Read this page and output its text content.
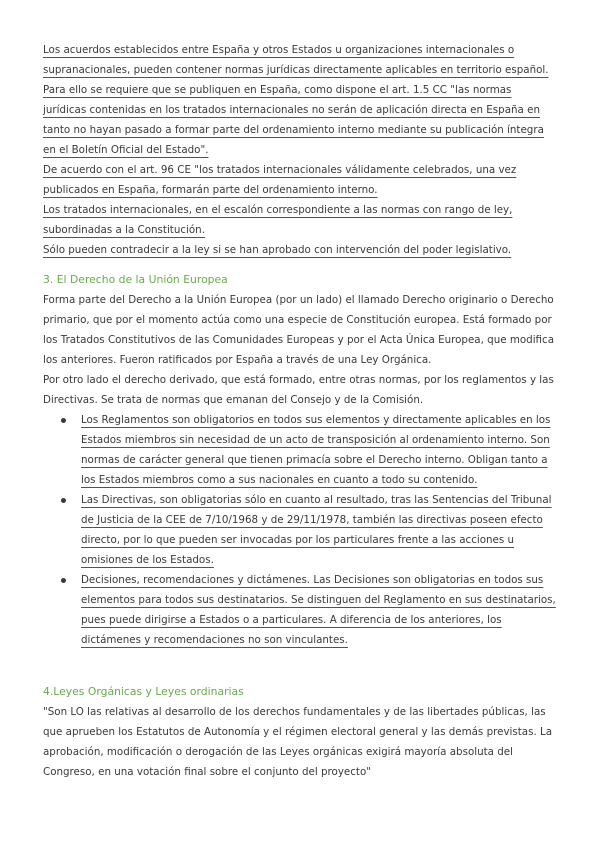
Los acuerdos establecidos entre España y otros Estados u organizaciones internacionales o supranacionales, pueden contener normas jurídicas directamente aplicables en territorio español.

Para ello se requiere que se publiquen en España, como dispone el art. 1.5 CC "las normas jurídicas contenidas en los tratados internacionales no serán de aplicación directa en España en tanto no hayan pasado a formar parte del ordenamiento interno mediante su publicación íntegra en el Boletín Oficial del Estado".

De acuerdo con el art. 96 CE "los tratados internacionales válidamente celebrados, una vez publicados en España, formarán parte del ordenamiento interno.

Los tratados internacionales, en el escalón correspondiente a las normas con rango de ley, subordinadas a la Constitución.

Sólo pueden contradecir a la ley si se han aprobado con intervención del poder legislativo.

3. El Derecho de la Unión Europea

Forma parte del Derecho a la Unión Europea (por un lado) el llamado Derecho originario o Derecho primario, que por el momento actúa como una especie de Constitución europea. Está formado por los Tratados Constitutivos de las Comunidades Europeas y por el Acta Única Europea, que modifica los anteriores. Fueron ratificados por España a través de una Ley Orgánica.

Por otro lado el derecho derivado, que está formado, entre otras normas, por los reglamentos y las Directivas. Se trata de normas que emanan del Consejo y de la Comisión.

Los Reglamentos son obligatorios en todos sus elementos y directamente aplicables en los Estados miembros sin necesidad de un acto de transposición al ordenamiento interno. Son normas de carácter general que tienen primacía sobre el Derecho interno. Obligan tanto a los Estados miembros como a sus nacionales en cuanto a todo su contenido.
Las Directivas, son obligatorias sólo en cuanto al resultado, tras las Sentencias del Tribunal de Justicia de la CEE de 7/10/1968 y de 29/11/1978, también las directivas poseen efecto directo, por lo que pueden ser invocadas por los particulares frente a las acciones u omisiones de los Estados.
Decisiones, recomendaciones y dictámenes. Las Decisiones son obligatorias en todos sus elementos para todos sus destinatarios. Se distinguen del Reglamento en sus destinatarios, pues puede dirigirse a Estados o a particulares. A diferencia de los anteriores, los dictámenes y recomendaciones no son vinculantes.

4.Leyes Orgánicas y Leyes ordinarias

"Son LO las relativas al desarrollo de los derechos fundamentales y de las libertades públicas, las que aprueben los Estatutos de Autonomía y el régimen electoral general y las demás previstas. La aprobación, modificación o derogación de las Leyes orgánicas exigirá mayoría absoluta del Congreso, en una votación final sobre el conjunto del proyecto"
